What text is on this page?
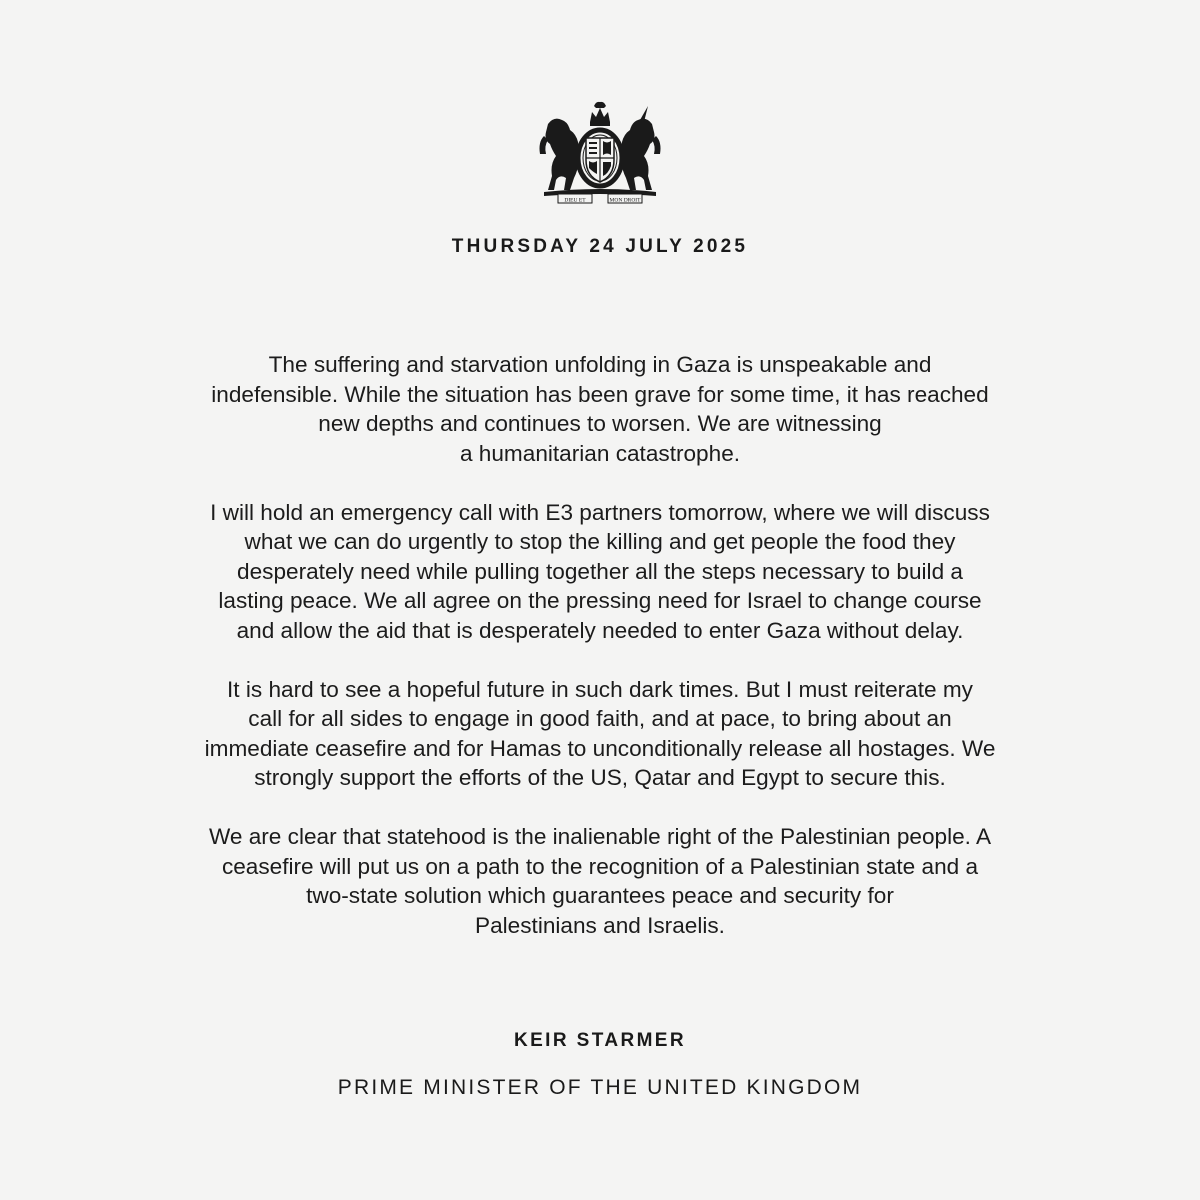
DIEU ET	MON DROIT
THURSDAY 24 JULY 2025

The suffering and starvation unfolding in Gaza is unspeakable and
indefensible. While the situation has been grave for some time, it has reached
new depths and continues to worsen. We are witnessing
a humanitarian catastrophe.

I will hold an emergency call with E3 partners tomorrow, where we will discuss
what we can do urgently to stop the killing and get people the food they
desperately need while pulling together all the steps necessary to build a
lasting peace. We all agree on the pressing need for Israel to change course
and allow the aid that is desperately needed to enter Gaza without delay.

It is hard to see a hopeful future in such dark times. But I must reiterate my
call for all sides to engage in good faith, and at pace, to bring about an
immediate ceasefire and for Hamas to unconditionally release all hostages. We
strongly support the efforts of the US, Qatar and Egypt to secure this.

We are clear that statehood is the inalienable right of the Palestinian people. A
ceasefire will put us on a path to the recognition of a Palestinian state and a
two-state solution which guarantees peace and security for
Palestinians and Israelis.

KEIR STARMER
PRIME MINISTER OF THE UNITED KINGDOM
